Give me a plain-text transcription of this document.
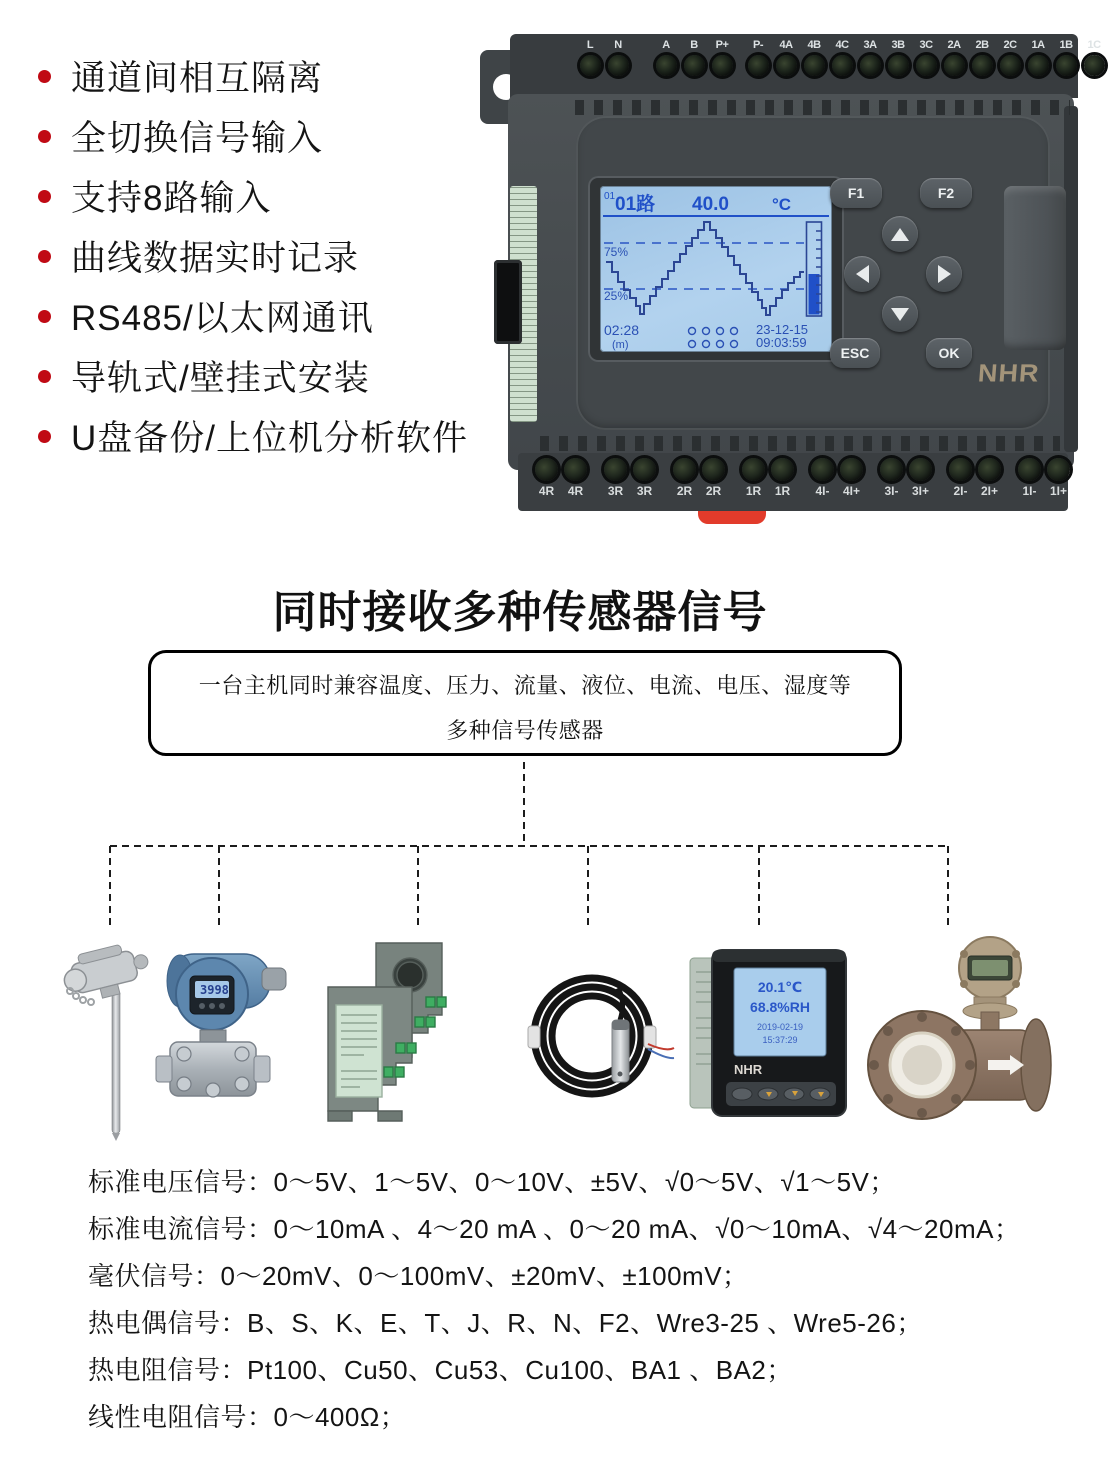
通道间相互隔离
全切换信号输入
支持8路输入
曲线数据实时记录
RS485/以太网通讯
导轨式/壁挂式安装
U盘备份/上位机分析软件
L N	A B P+ P- 4A 4B 4C 3A 3B 3C 2A 2B 2C 1A 1B 1C
01 01路 40.0	°C
75%
25%
02:28
(m)
23-12-15
09:03:59
F1	F2
ESC	OK
NHR
4R 4R 3R 3R 2R 2R 1R 1R 4I- 4I+ 3I- 3I+ 2I- 2I+ 1I- 1I+
同时接收多种传感器信号
一台主机同时兼容温度、压力、流量、液位、电流、电压、湿度等
多种信号传感器
3998	20.1℃
68.8%RH
2019-02-19
15:37:29
NHR

标准电压信号：0～5V、1～5V、0～10V、±5V、√0～5V、√1～5V；

标准电流信号：0～10mA 、4～20 mA 、0～20 mA、√0～10mA、√4～20mA；

毫伏信号：0～20mV、0～100mV、±20mV、±100mV；

热电偶信号：B、S、K、E、T、J、R、N、F2、Wre3-25 、Wre5-26；

热电阻信号：Pt100、Cu50、Cu53、Cu100、BA1 、BA2；

线性电阻信号：0～400Ω；
